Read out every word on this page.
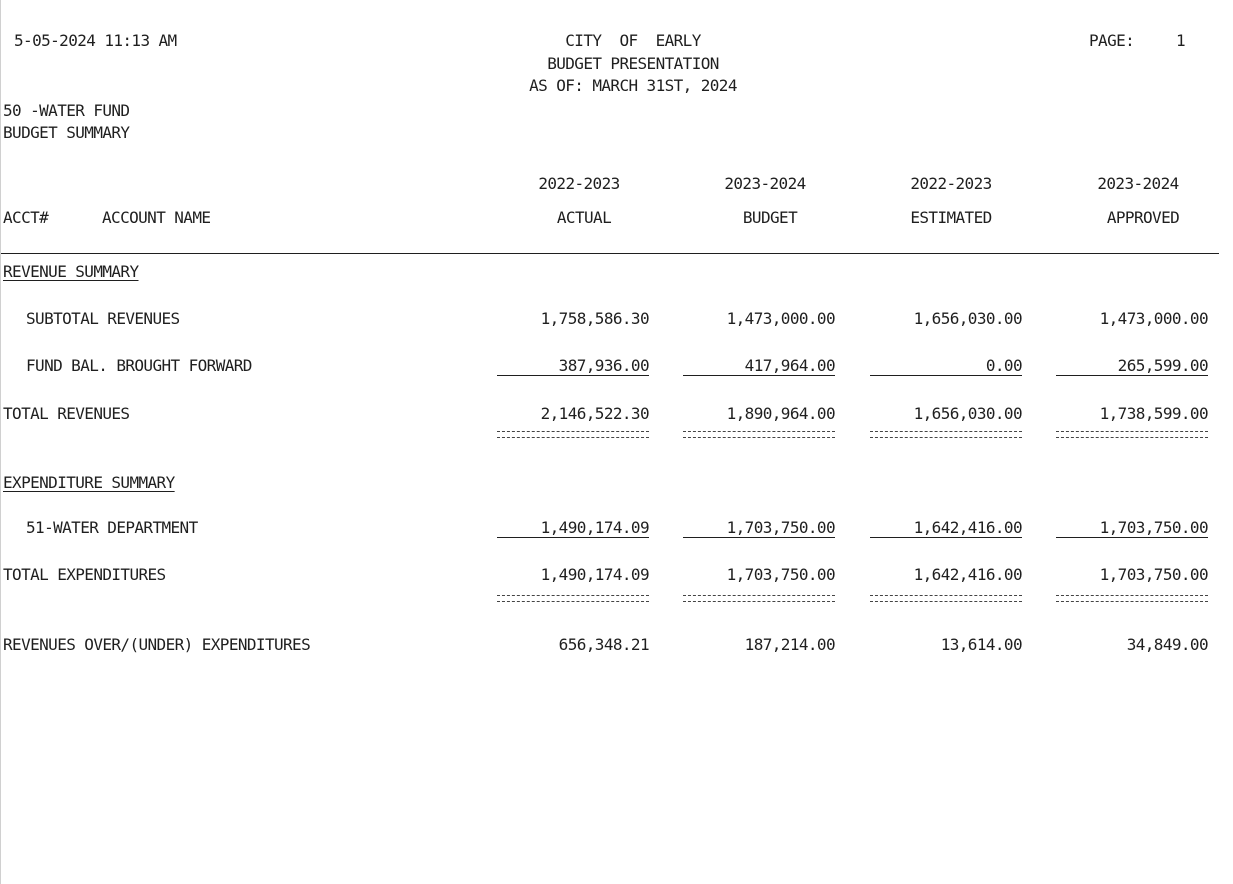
5-05-2024 11:13 AM	CITY  OF  EARLY
BUDGET PRESENTATION
AS OF: MARCH 31ST, 2024
PAGE:	1
50 -WATER FUND
BUDGET SUMMARY
2022-2023	2023-2024	2022-2023	2023-2024
ACCT#	ACCOUNT NAME	ACTUAL	BUDGET	ESTIMATED	APPROVED
REVENUE SUMMARY
SUBTOTAL REVENUES	1,758,586.30	1,473,000.00	1,656,030.00	1,473,000.00
FUND BAL. BROUGHT FORWARD	387,936.00	417,964.00	0.00	265,599.00
TOTAL REVENUES	2,146,522.30	1,890,964.00	1,656,030.00	1,738,599.00
EXPENDITURE SUMMARY
51-WATER DEPARTMENT	1,490,174.09	1,703,750.00	1,642,416.00	1,703,750.00
TOTAL EXPENDITURES	1,490,174.09	1,703,750.00	1,642,416.00	1,703,750.00
REVENUES OVER/(UNDER) EXPENDITURES	656,348.21	187,214.00	13,614.00	34,849.00
